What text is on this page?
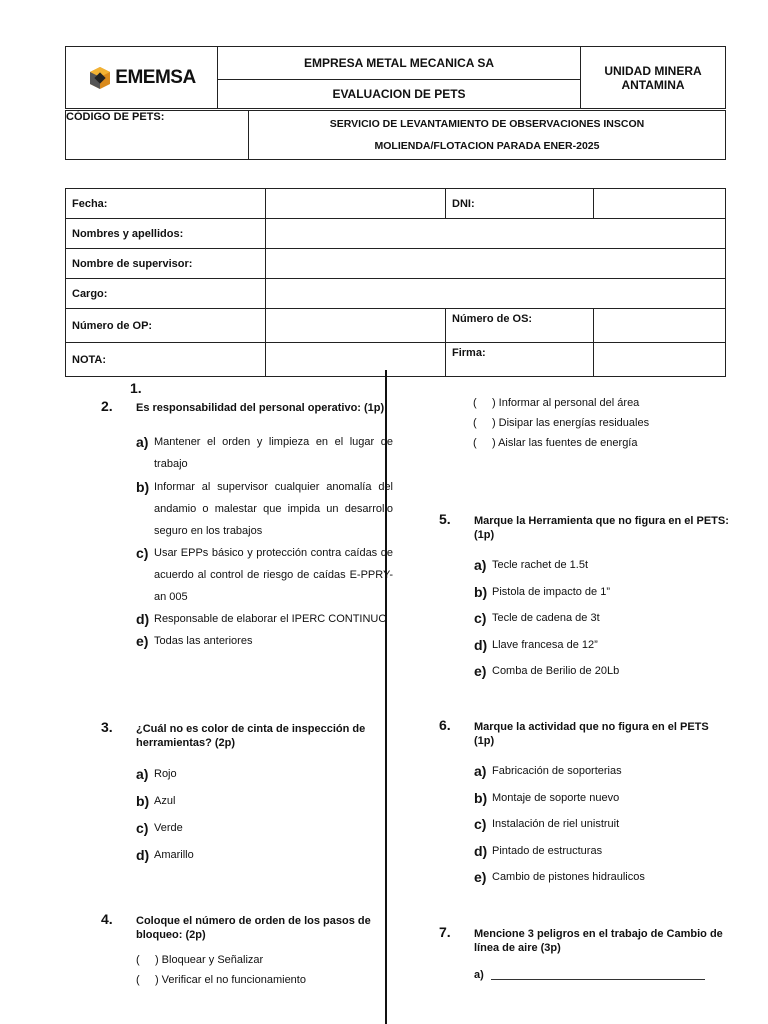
EMEMSA
	EMPRESA METAL MECANICA SA	
UNIDAD MINERA
ANTAMINA

EVALUACION DE PETS
CÓDIGO DE PETS:	
SERVICIO DE LEVANTAMIENTO DE OBSERVACIONES INSCON
MOLIENDA/FLOTACION PARADA ENER-2025
Fecha:		DNI:	
Nombres y apellidos:			
Nombre de supervisor:			
Cargo:			
Número de OP:		Número de OS:	
NOTA:		Firma:	
1.
2. Es responsabilidad del personal operativo: (1p)
a) Mantener el orden y limpieza en el lugar de trabajo
b) Informar al supervisor cualquier anomalía del andamio o malestar que impida un desarrollo seguro en los trabajos
c) Usar EPPs básico y protección contra caídas de acuerdo al control de riesgo de caídas E-PPRY-an 005
d) Responsable de elaborar el IPERC CONTINUO
e) Todas las anteriores
3. ¿Cuál no es color de cinta de inspección de herramientas? (2p)
a) Rojo
b) Azul
c) Verde
d) Amarillo
4. Coloque el número de orden de los pasos de bloqueo: (2p)
(     ) Bloquear y Señalizar
(     ) Verificar el no funcionamiento
(     ) Informar al personal del área
(     ) Disipar las energías residuales
(     ) Aislar las fuentes de energía
5. Marque la Herramienta que no figura en el PETS: (1p)
a) Tecle rachet de 1.5t
b) Pistola de impacto de 1”
c) Tecle de cadena de 3t
d) Llave francesa de 12”
e) Comba de Berilio de 20Lb
6. Marque la actividad que no figura en el PETS (1p)
a) Fabricación de soporterias
b) Montaje de soporte nuevo
c) Instalación de riel unistruit
d) Pintado de estructuras
e) Cambio de pistones hidraulicos
7. Mencione 3 peligros en el trabajo de Cambio de línea de aire (3p)
a)
